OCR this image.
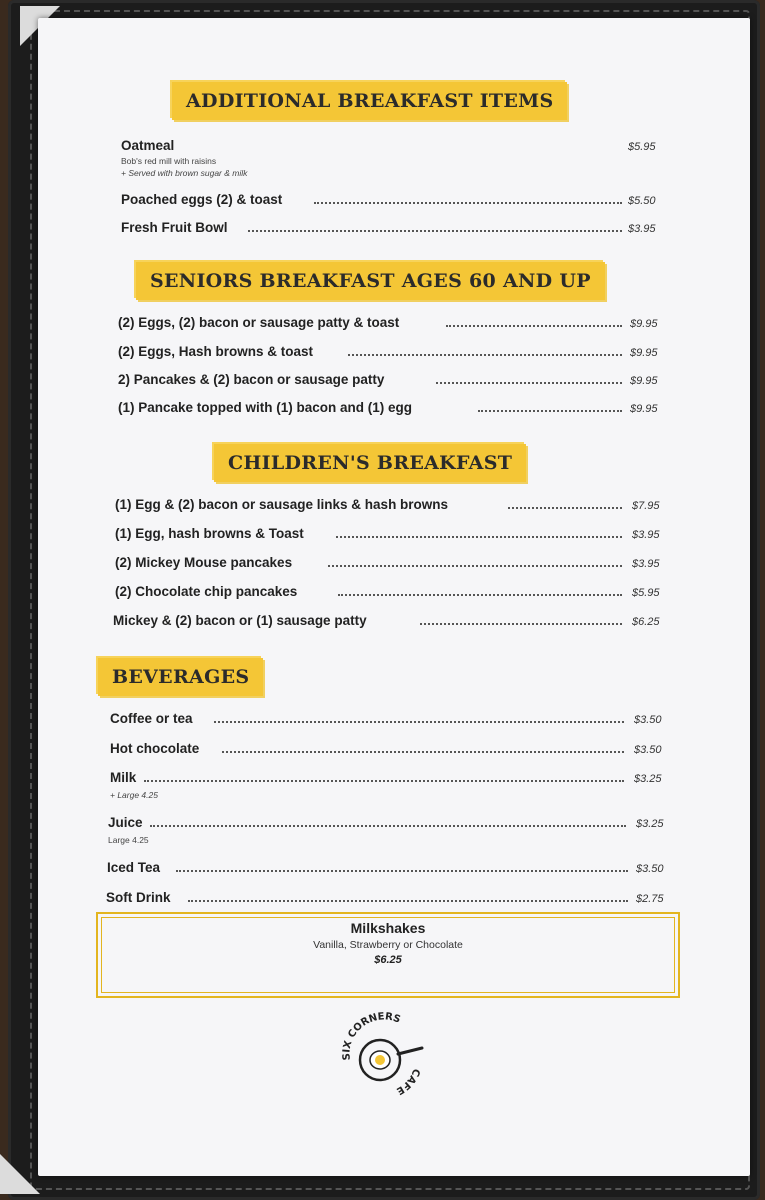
ADDITIONAL BREAKFAST ITEMS
Oatmeal	$5.95
Bob's red mill with raisins
+ Served with brown sugar & milk
Poached eggs (2) & toast	$5.50
Fresh Fruit Bowl	$3.95
SENIORS BREAKFAST AGES 60 AND UP
(2) Eggs, (2) bacon or sausage patty & toast	$9.95
(2) Eggs, Hash browns & toast	$9.95
2) Pancakes & (2) bacon or sausage patty	$9.95
(1) Pancake topped with (1) bacon and (1) egg	$9.95
CHILDREN'S BREAKFAST
(1) Egg & (2) bacon or sausage links & hash browns	$7.95
(1) Egg, hash browns & Toast	$3.95
(2) Mickey Mouse pancakes	$3.95
(2) Chocolate chip pancakes	$5.95
Mickey & (2) bacon or (1) sausage patty	$6.25
BEVERAGES
Coffee or tea	$3.50
Hot chocolate	$3.50
Milk	$3.25
+ Large 4.25
Juice	$3.25
Large 4.25
Iced Tea	$3.50
Soft Drink	$2.75
Milkshakes
Vanilla, Strawberry or Chocolate
$6.25
SIX CORNERS
CAFE
